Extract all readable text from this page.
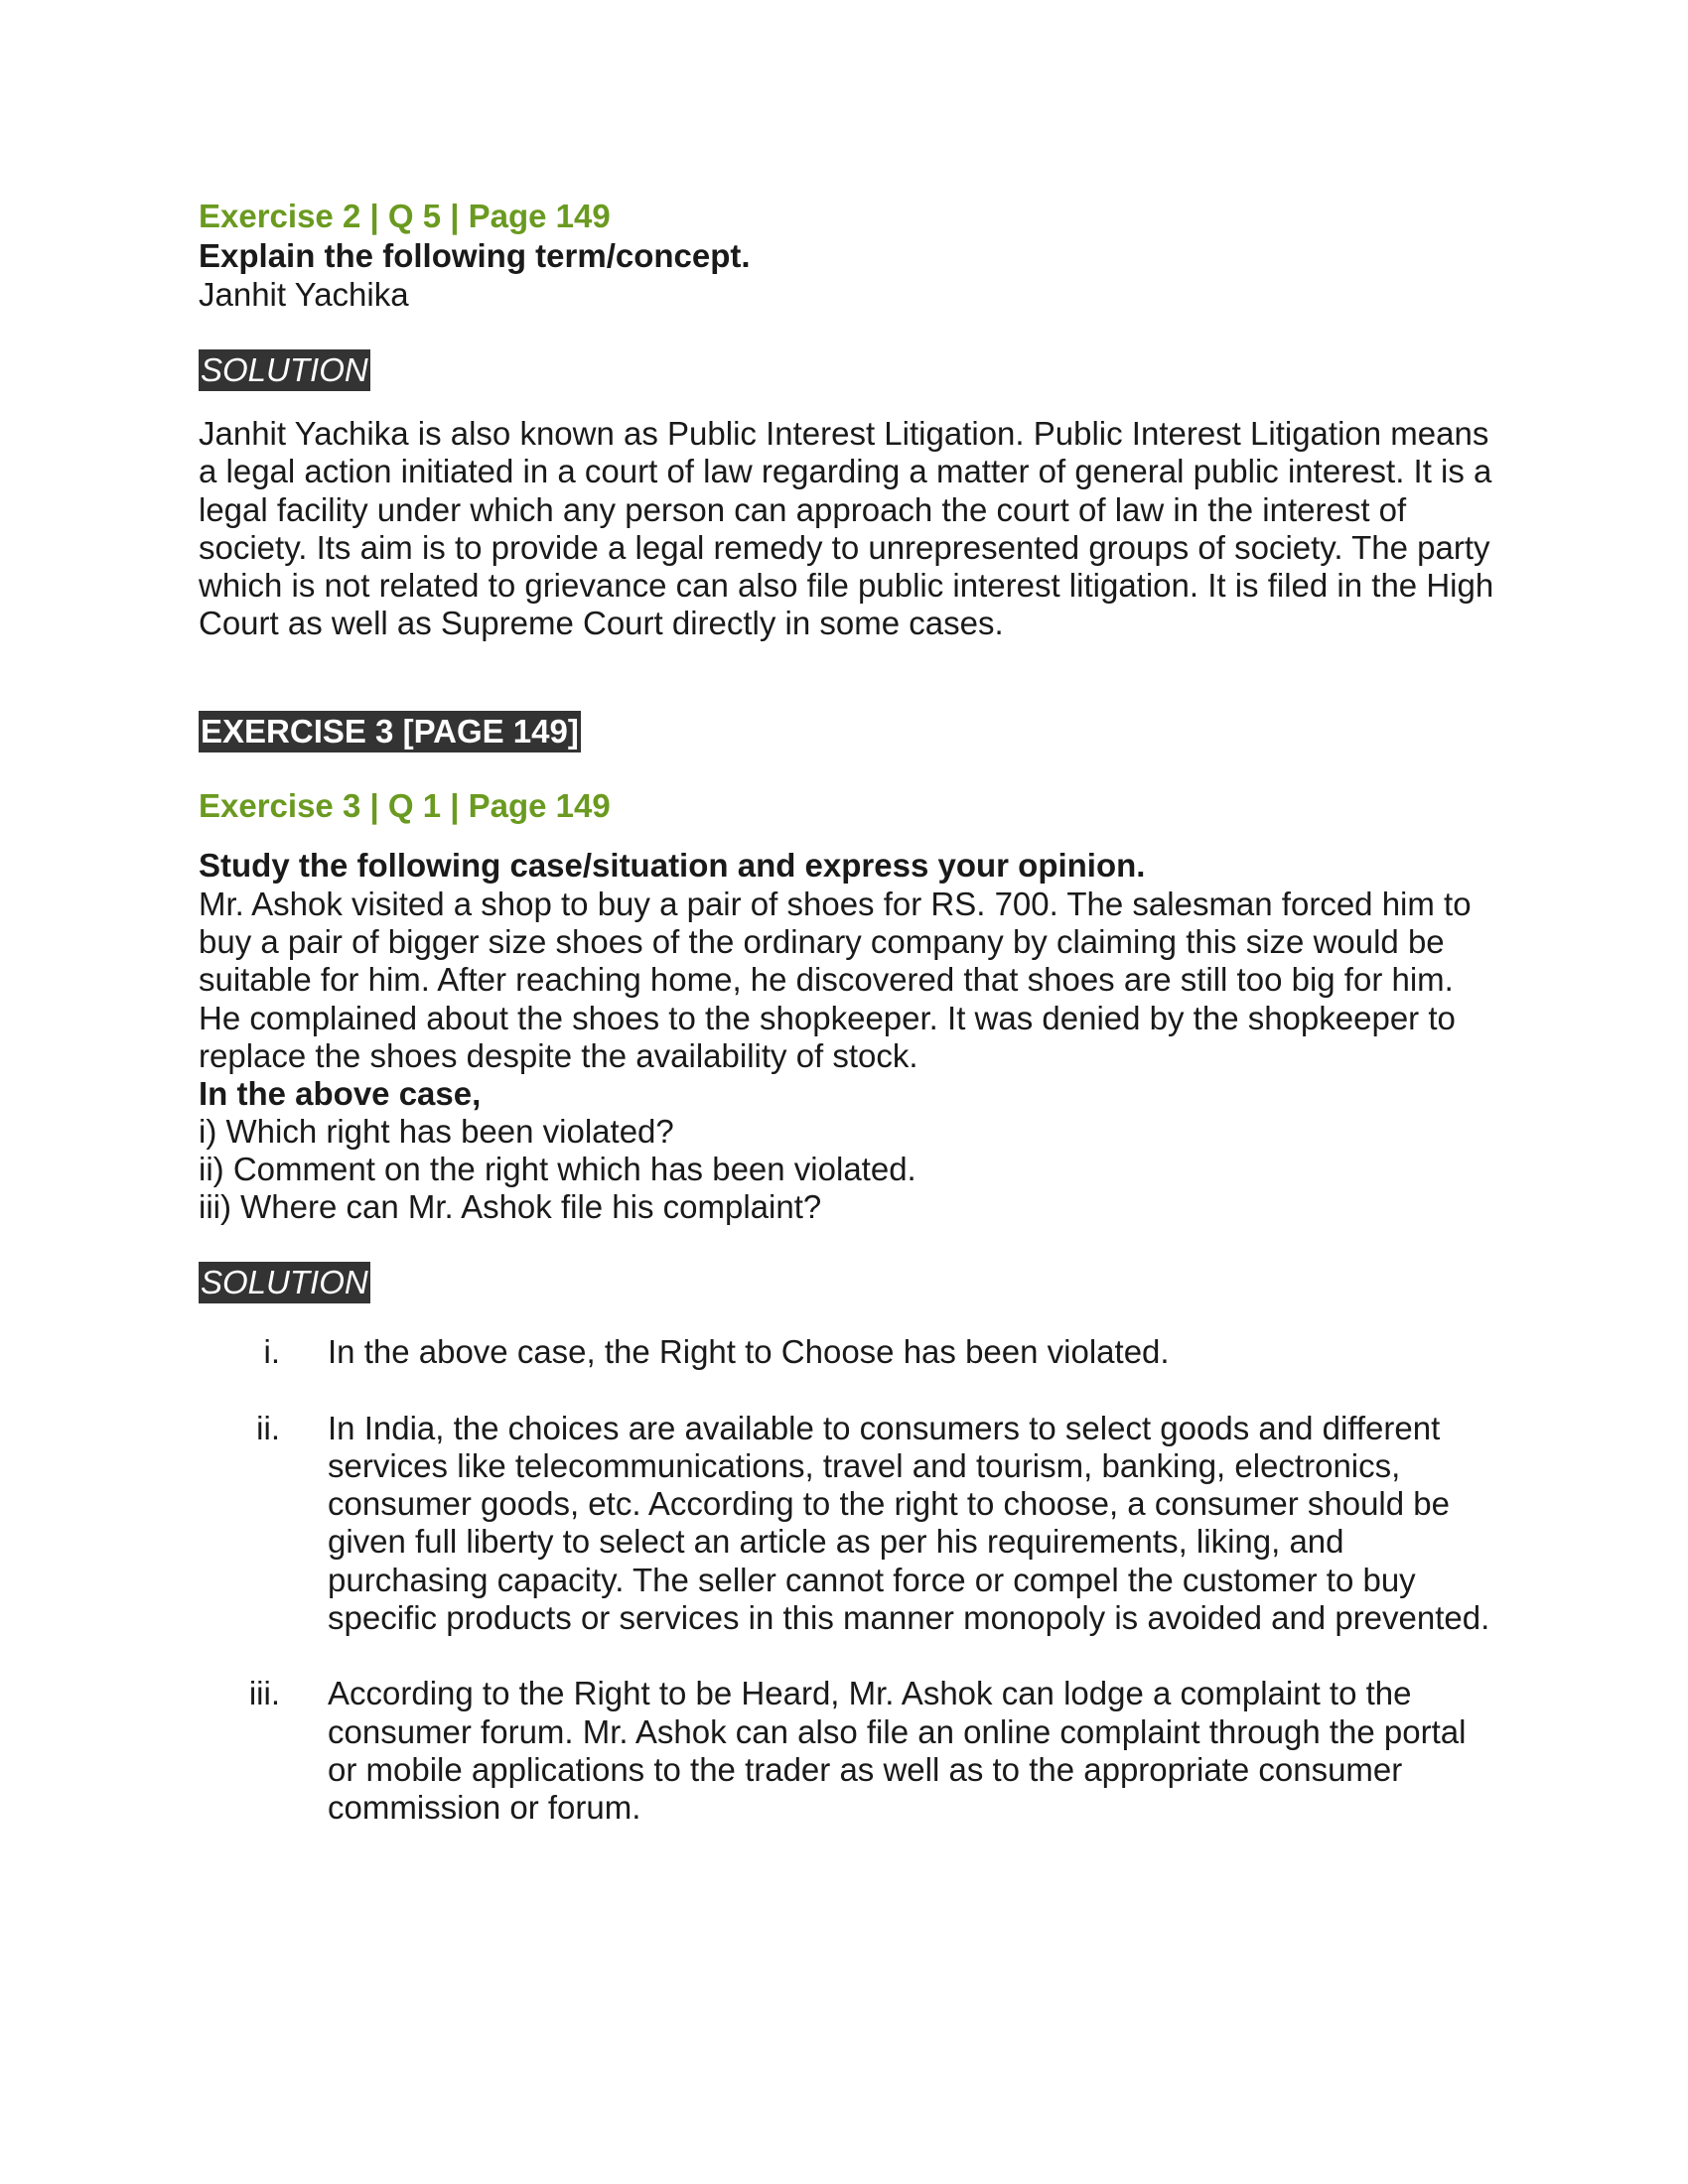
Exercise 2 | Q 5 | Page 149

Explain the following term/concept.

Janhit Yachika

SOLUTION

Janhit Yachika is also known as Public Interest Litigation. Public Interest Litigation means a legal action initiated in a court of law regarding a matter of general public interest. It is a legal facility under which any person can approach the court of law in the interest of society. Its aim is to provide a legal remedy to unrepresented groups of society. The party which is not related to grievance can also file public interest litigation. It is filed in the High Court as well as Supreme Court directly in some cases.

EXERCISE 3 [PAGE 149]

Exercise 3 | Q 1 | Page 149

Study the following case/situation and express your opinion.

Mr. Ashok visited a shop to buy a pair of shoes for RS. 700. The salesman forced him to buy a pair of bigger size shoes of the ordinary company by claiming this size would be suitable for him. After reaching home, he discovered that shoes are still too big for him. He complained about the shoes to the shopkeeper. It was denied by the shopkeeper to replace the shoes despite the availability of stock.

In the above case,

i) Which right has been violated?

ii) Comment on the right which has been violated.

iii) Where can Mr. Ashok file his complaint?

SOLUTION
i. In the above case, the Right to Choose has been violated.
ii. In India, the choices are available to consumers to select goods and different services like telecommunications, travel and tourism, banking, electronics, consumer goods, etc. According to the right to choose, a consumer should be given full liberty to select an article as per his requirements, liking, and purchasing capacity. The seller cannot force or compel the customer to buy specific products or services in this manner monopoly is avoided and prevented.
iii. According to the Right to be Heard, Mr. Ashok can lodge a complaint to the consumer forum. Mr. Ashok can also file an online complaint through the portal or mobile applications to the trader as well as to the appropriate consumer commission or forum.
